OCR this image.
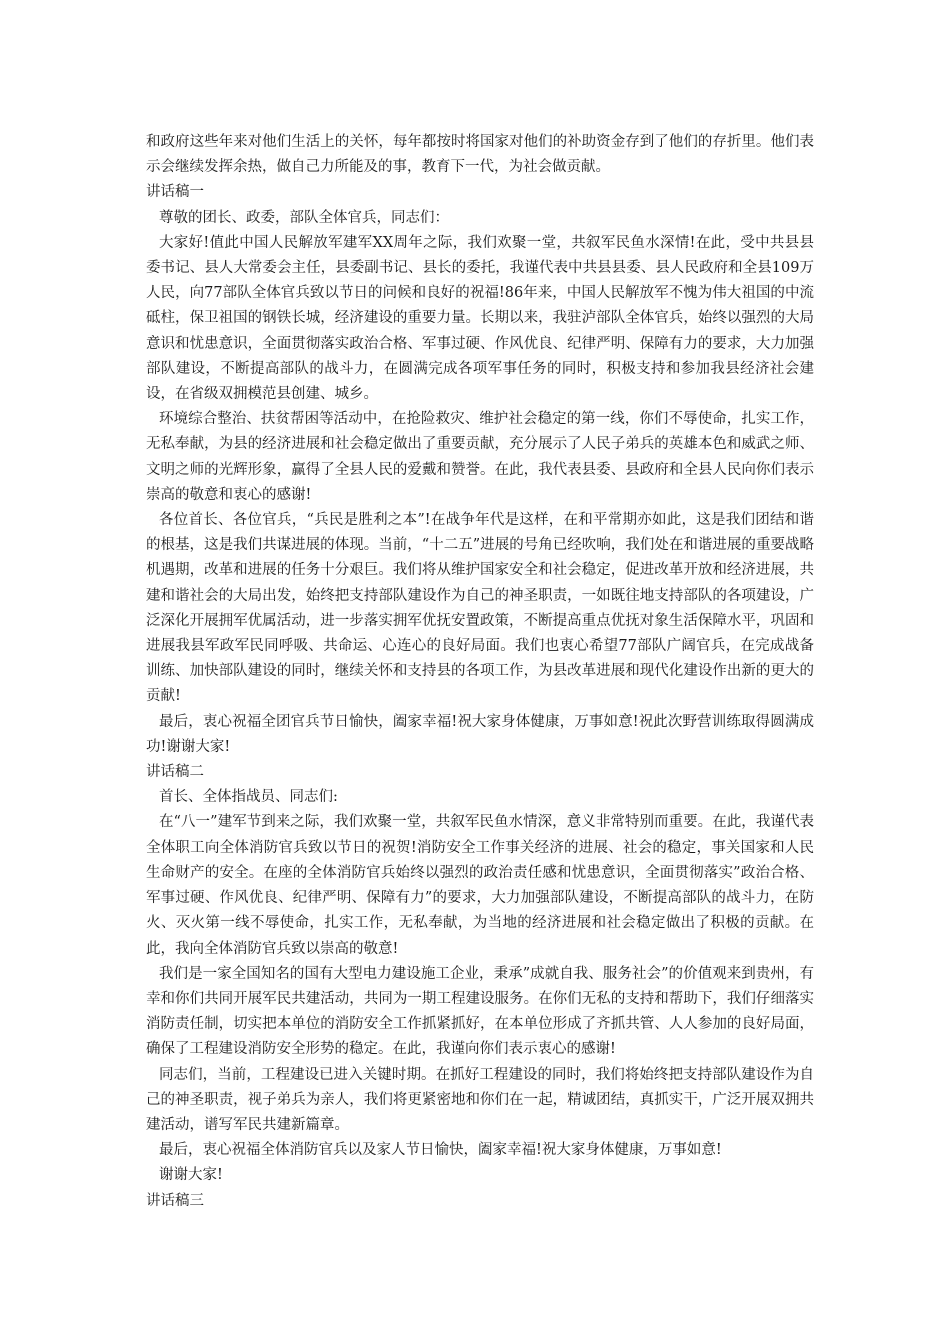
和政府这些年来对他们生活上的关怀，每年都按时将国家对他们的补助资金存到了他们的存折里。他们表示会继续发挥余热，做自己力所能及的事，教育下一代，为社会做贡献。

讲话稿一

尊敬的团长、政委，部队全体官兵，同志们：

大家好!值此中国人民解放军建军XX周年之际，我们欢聚一堂，共叙军民鱼水深情!在此，受中共县县委书记、县人大常委会主任，县委副书记、县长的委托，我谨代表中共县县委、县人民政府和全县109万人民，向77部队全体官兵致以节日的问候和良好的祝福!86年来，中国人民解放军不愧为伟大祖国的中流砥柱，保卫祖国的钢铁长城，经济建设的重要力量。长期以来，我驻泸部队全体官兵，始终以强烈的大局意识和忧患意识，全面贯彻落实政治合格、军事过硬、作风优良、纪律严明、保障有力的要求，大力加强部队建设，不断提高部队的战斗力，在圆满完成各项军事任务的同时，积极支持和参加我县经济社会建设，在省级双拥模范县创建、城乡。

环境综合整治、扶贫帮困等活动中，在抢险救灾、维护社会稳定的第一线，你们不辱使命，扎实工作，无私奉献，为县的经济进展和社会稳定做出了重要贡献，充分展示了人民子弟兵的英雄本色和威武之师、文明之师的光辉形象，赢得了全县人民的爱戴和赞誉。在此，我代表县委、县政府和全县人民向你们表示崇高的敬意和衷心的感谢!

各位首长、各位官兵，“兵民是胜利之本”!在战争年代是这样，在和平常期亦如此，这是我们团结和谐的根基，这是我们共谋进展的体现。当前，“十二五”进展的号角已经吹响，我们处在和谐进展的重要战略机遇期，改革和进展的任务十分艰巨。我们将从维护国家安全和社会稳定，促进改革开放和经济进展，共建和谐社会的大局出发，始终把支持部队建设作为自己的神圣职责，一如既往地支持部队的各项建设，广泛深化开展拥军优属活动，进一步落实拥军优抚安置政策，不断提高重点优抚对象生活保障水平，巩固和进展我县军政军民同呼吸、共命运、心连心的良好局面。我们也衷心希望77部队广阔官兵，在完成战备训练、加快部队建设的同时，继续关怀和支持县的各项工作，为县改革进展和现代化建设作出新的更大的贡献!

最后，衷心祝福全团官兵节日愉快，阖家幸福!祝大家身体健康，万事如意!祝此次野营训练取得圆满成功!谢谢大家!

讲话稿二

首长、全体指战员、同志们:

在“八一”建军节到来之际，我们欢聚一堂，共叙军民鱼水情深，意义非常特别而重要。在此，我谨代表全体职工向全体消防官兵致以节日的祝贺!消防安全工作事关经济的进展、社会的稳定，事关国家和人民生命财产的安全。在座的全体消防官兵始终以强烈的政治责任感和忧患意识，全面贯彻落实”政治合格、军事过硬、作风优良、纪律严明、保障有力”的要求，大力加强部队建设，不断提高部队的战斗力，在防火、灭火第一线不辱使命，扎实工作，无私奉献，为当地的经济进展和社会稳定做出了积极的贡献。在此，我向全体消防官兵致以崇高的敬意!

我们是一家全国知名的国有大型电力建设施工企业，秉承”成就自我、服务社会”的价值观来到贵州，有幸和你们共同开展军民共建活动，共同为一期工程建设服务。在你们无私的支持和帮助下，我们仔细落实消防责任制，切实把本单位的消防安全工作抓紧抓好，在本单位形成了齐抓共管、人人参加的良好局面，确保了工程建设消防安全形势的稳定。在此，我谨向你们表示衷心的感谢!

同志们，当前，工程建设已进入关键时期。在抓好工程建设的同时，我们将始终把支持部队建设作为自己的神圣职责，视子弟兵为亲人，我们将更紧密地和你们在一起，精诚团结，真抓实干，广泛开展双拥共建活动，谱写军民共建新篇章。

最后，衷心祝福全体消防官兵以及家人节日愉快，阖家幸福!祝大家身体健康，万事如意!

谢谢大家!

讲话稿三
